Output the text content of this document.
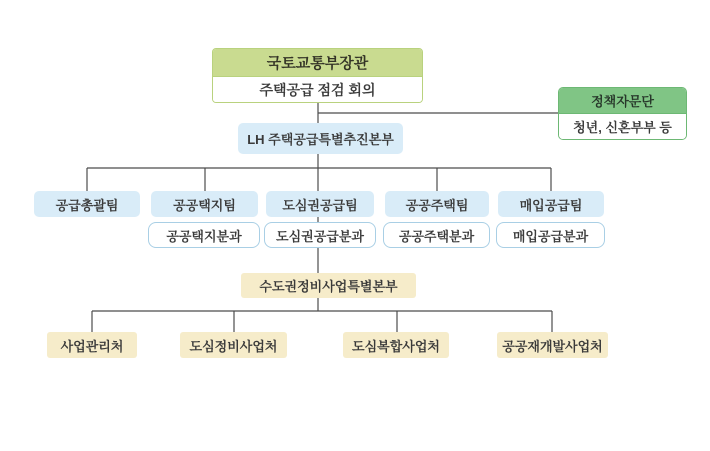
국토교통부장관
주택공급 점검 회의
정책자문단
청년, 신혼부부 등
LH 주택공급특별추진본부
공급총괄팀	공공택지팀	도심권공급팀	공공주택팀	매입공급팀
공공택지분과	도심권공급분과	공공주택분과	매입공급분과
수도권정비사업특별본부
사업관리처	도심정비사업처	도심복합사업처	공공재개발사업처
